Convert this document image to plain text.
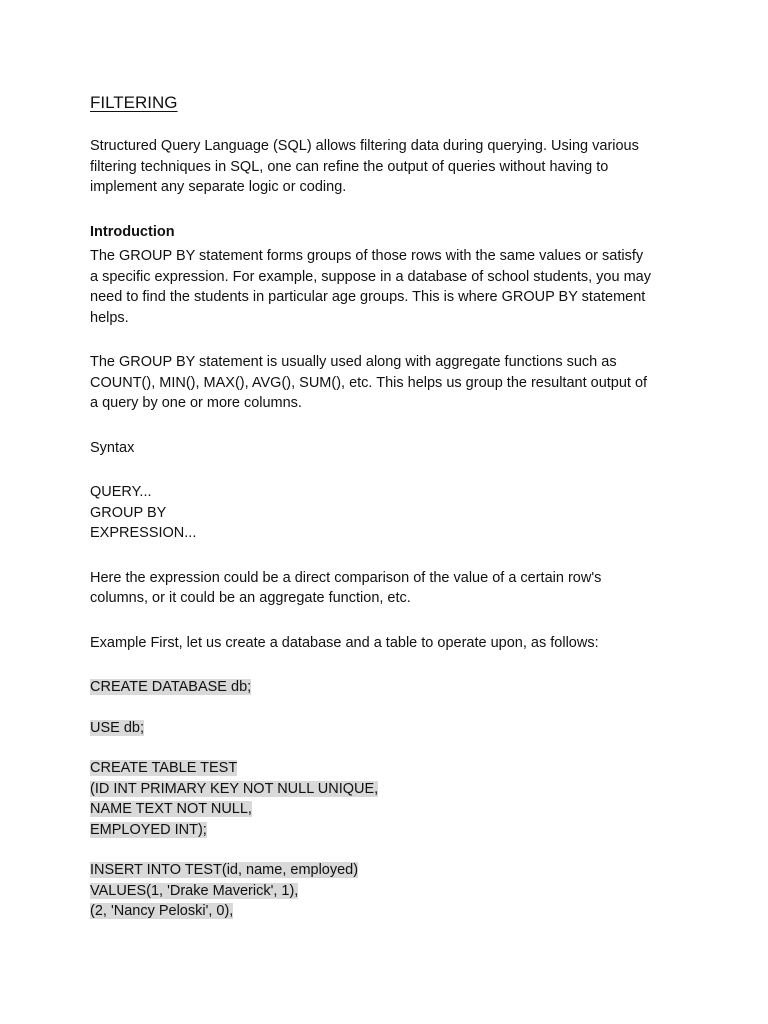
FILTERING

Structured Query Language (SQL) allows filtering data during querying. Using various
filtering techniques in SQL, one can refine the output of queries without having to
implement any separate logic or coding.

Introduction

The GROUP BY statement forms groups of those rows with the same values or satisfy
a specific expression. For example, suppose in a database of school students, you may
need to find the students in particular age groups. This is where GROUP BY statement
helps.

The GROUP BY statement is usually used along with aggregate functions such as
COUNT(), MIN(), MAX(), AVG(), SUM(), etc. This helps us group the resultant output of
a query by one or more columns.

Syntax

QUERY...
GROUP BY
EXPRESSION...

Here the expression could be a direct comparison of the value of a certain row's
columns, or it could be an aggregate function, etc.

Example First, let us create a database and a table to operate upon, as follows:

CREATE DATABASE db;
USE db;
CREATE TABLE TEST
(ID INT PRIMARY KEY NOT NULL UNIQUE,
NAME TEXT NOT NULL,
EMPLOYED INT);
INSERT INTO TEST(id, name, employed)
VALUES(1, 'Drake Maverick', 1),
(2, 'Nancy Peloski', 0),
